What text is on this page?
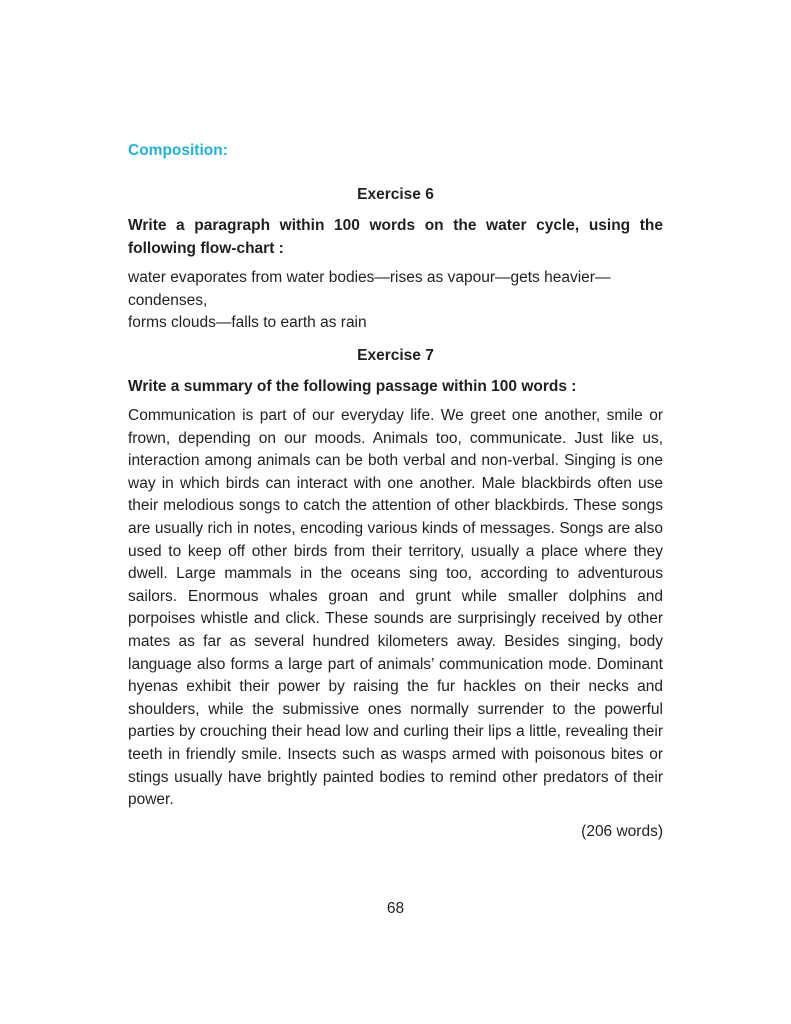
Composition:

Exercise 6

Write a paragraph within 100 words on the water cycle, using the following flow-chart :

water evaporates from water bodies—rises as vapour—gets heavier—condenses,
forms clouds—falls to earth as rain

Exercise 7

Write a summary of the following passage within 100 words :

Communication is part of our everyday life. We greet one another, smile or frown, depending on our moods. Animals too, communicate. Just like us, interaction among animals can be both verbal and non-verbal. Singing is one way in which birds can interact with one another. Male blackbirds often use their melodious songs to catch the attention of other blackbirds. These songs are usually rich in notes, encoding various kinds of messages. Songs are also used to keep off other birds from their territory, usually a place where they dwell. Large mammals in the oceans sing too, according to adventurous sailors. Enormous whales groan and grunt while smaller dolphins and porpoises whistle and click. These sounds are surprisingly received by other mates as far as several hundred kilometers away. Besides singing, body language also forms a large part of animals’ communication mode. Dominant hyenas exhibit their power by raising the fur hackles on their necks and shoulders, while the submissive ones normally surrender to the powerful parties by crouching their head low and curling their lips a little, revealing their teeth in friendly smile. Insects such as wasps armed with poisonous bites or stings usually have brightly painted bodies to remind other predators of their power.

(206 words)

68
